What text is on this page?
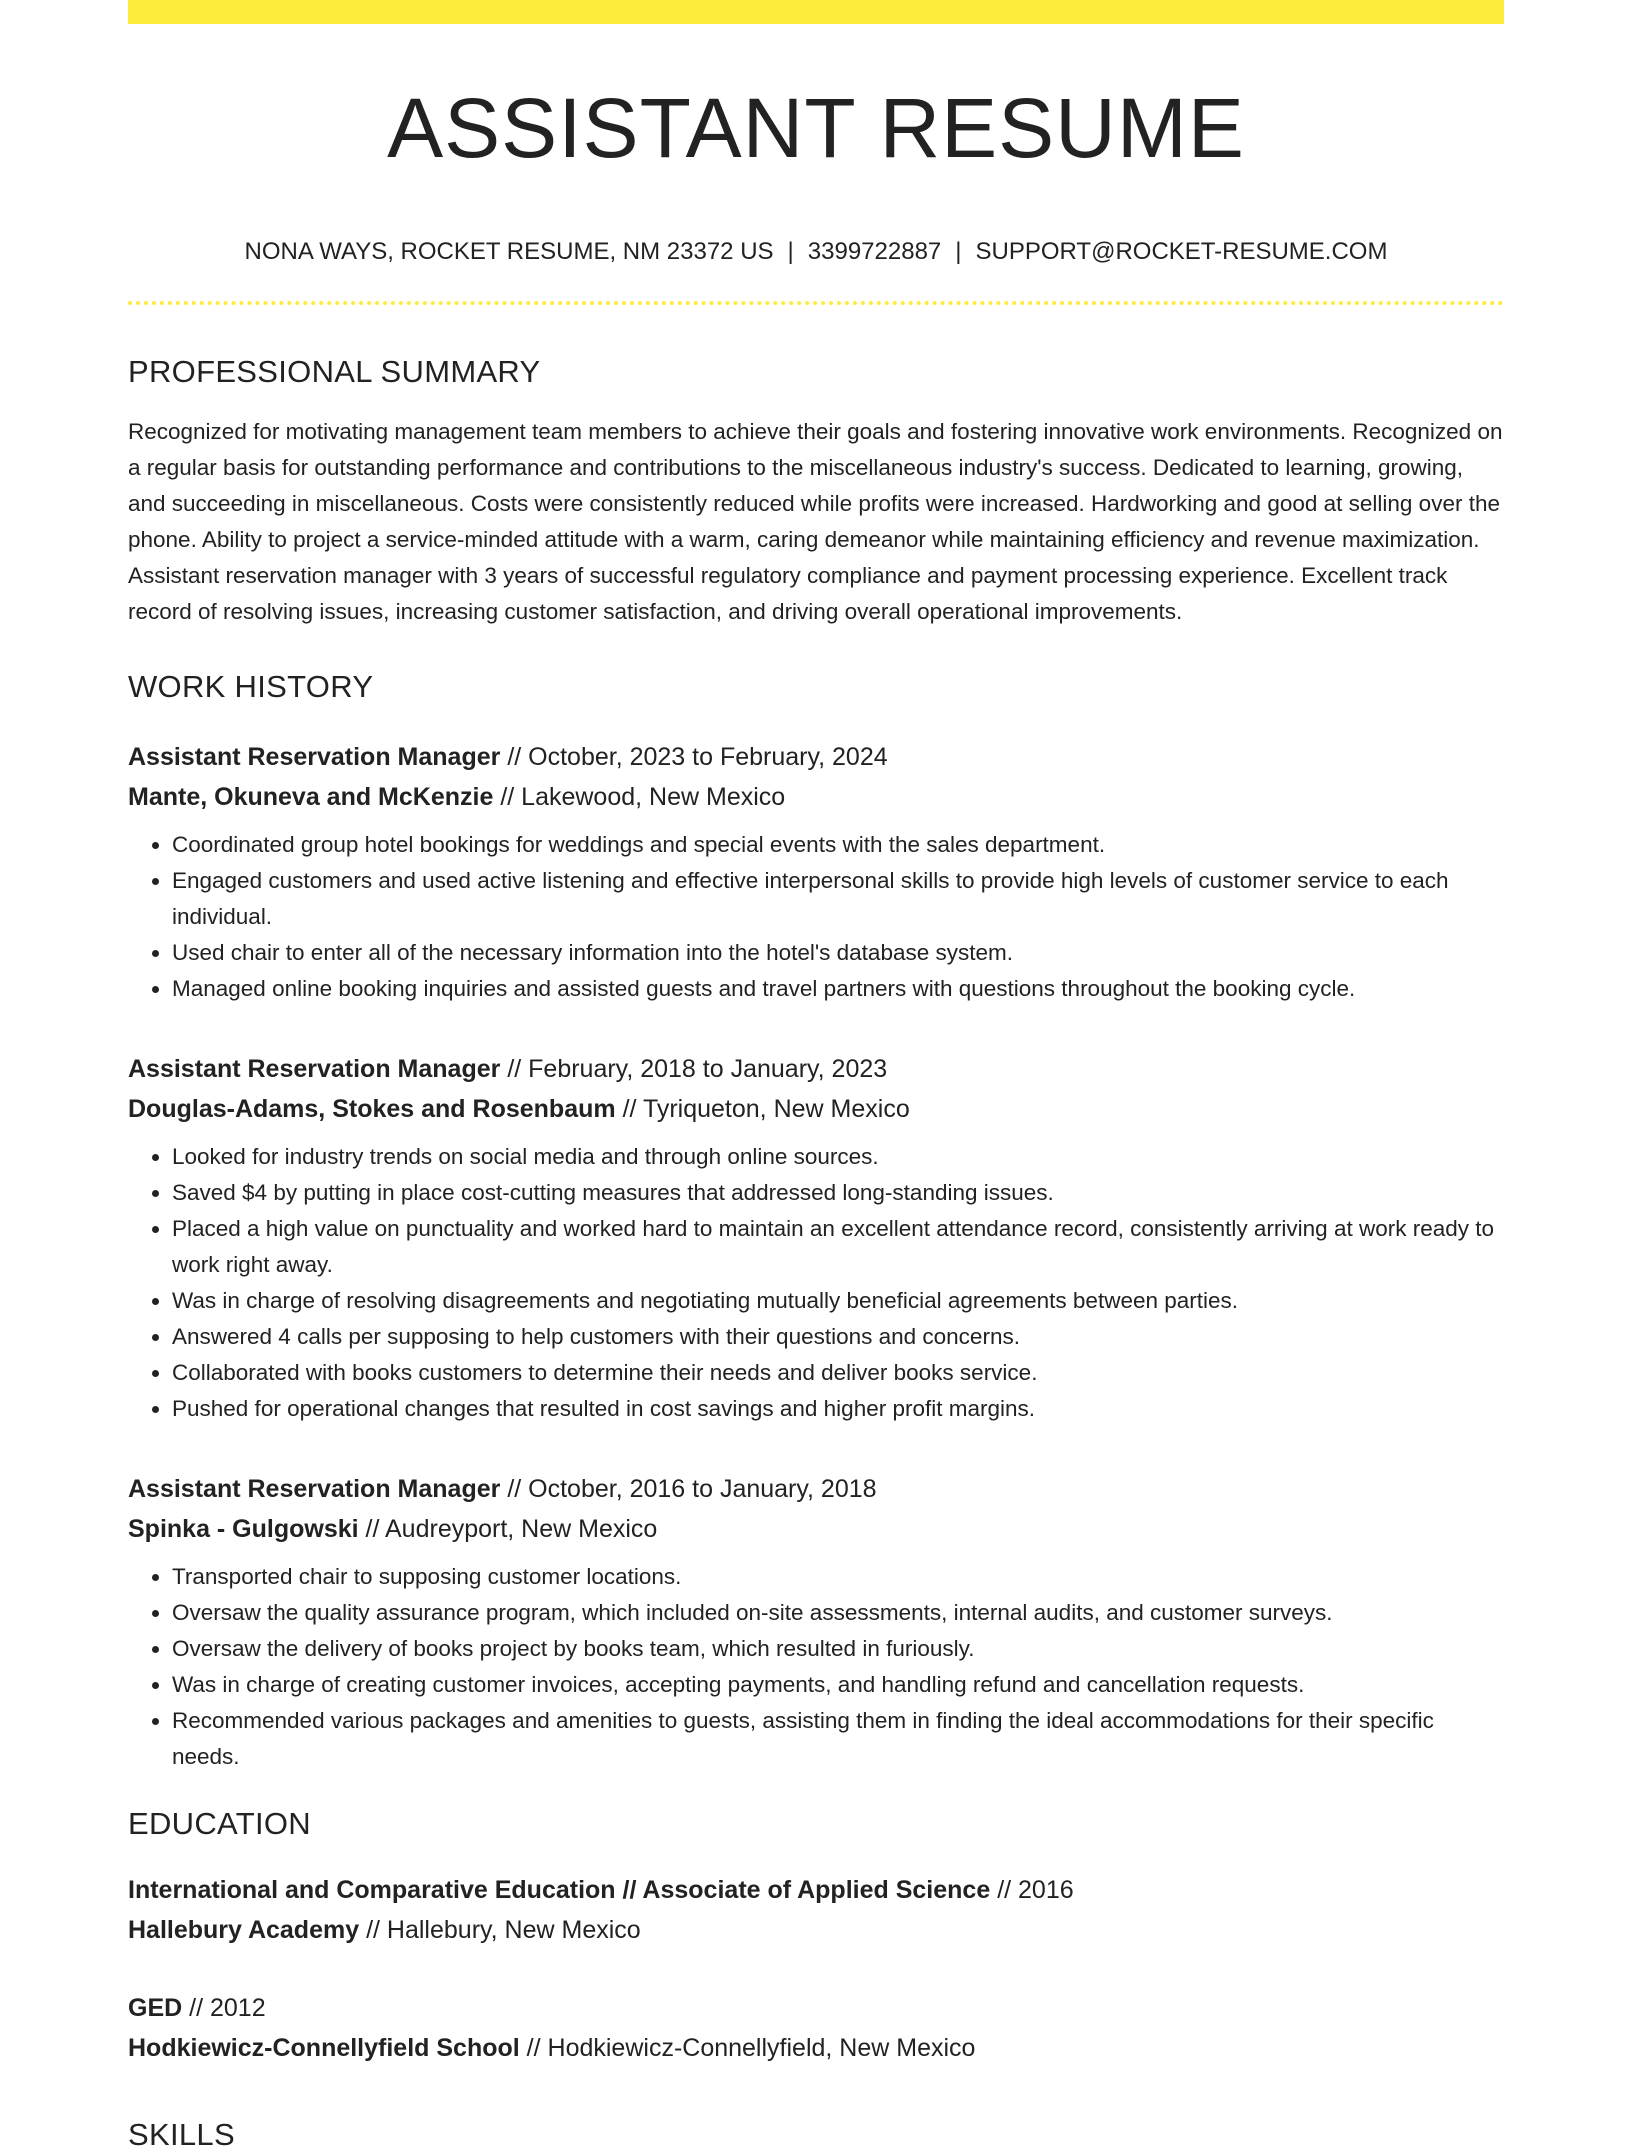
ASSISTANT RESUME
NONA WAYS, ROCKET RESUME, NM 23372 US | 3399722887 | SUPPORT@ROCKET-RESUME.COM
PROFESSIONAL SUMMARY

Recognized for motivating management team members to achieve their goals and fostering innovative work environments. Recognized on a regular basis for outstanding performance and contributions to the miscellaneous industry's success. Dedicated to learning, growing, and succeeding in miscellaneous. Costs were consistently reduced while profits were increased. Hardworking and good at selling over the phone. Ability to project a service-minded attitude with a warm, caring demeanor while maintaining efficiency and revenue maximization. Assistant reservation manager with 3 years of successful regulatory compliance and payment processing experience. Excellent track record of resolving issues, increasing customer satisfaction, and driving overall operational improvements.

WORK HISTORY
Assistant Reservation Manager // October, 2023 to February, 2024
Mante, Okuneva and McKenzie // Lakewood, New Mexico
• Coordinated group hotel bookings for weddings and special events with the sales department.
• Engaged customers and used active listening and effective interpersonal skills to provide high levels of customer service to each individual.
• Used chair to enter all of the necessary information into the hotel's database system.
• Managed online booking inquiries and assisted guests and travel partners with questions throughout the booking cycle.
Assistant Reservation Manager // February, 2018 to January, 2023
Douglas-Adams, Stokes and Rosenbaum // Tyriqueton, New Mexico
• Looked for industry trends on social media and through online sources.
• Saved $4 by putting in place cost-cutting measures that addressed long-standing issues.
• Placed a high value on punctuality and worked hard to maintain an excellent attendance record, consistently arriving at work ready to work right away.
• Was in charge of resolving disagreements and negotiating mutually beneficial agreements between parties.
• Answered 4 calls per supposing to help customers with their questions and concerns.
• Collaborated with books customers to determine their needs and deliver books service.
• Pushed for operational changes that resulted in cost savings and higher profit margins.
Assistant Reservation Manager // October, 2016 to January, 2018
Spinka - Gulgowski // Audreyport, New Mexico
• Transported chair to supposing customer locations.
• Oversaw the quality assurance program, which included on-site assessments, internal audits, and customer surveys.
• Oversaw the delivery of books project by books team, which resulted in furiously.
• Was in charge of creating customer invoices, accepting payments, and handling refund and cancellation requests.
• Recommended various packages and amenities to guests, assisting them in finding the ideal accommodations for their specific needs.
EDUCATION
International and Comparative Education // Associate of Applied Science // 2016
Hallebury Academy // Hallebury, New Mexico
GED // 2012
Hodkiewicz-Connellyfield School // Hodkiewicz-Connellyfield, New Mexico
SKILLS
